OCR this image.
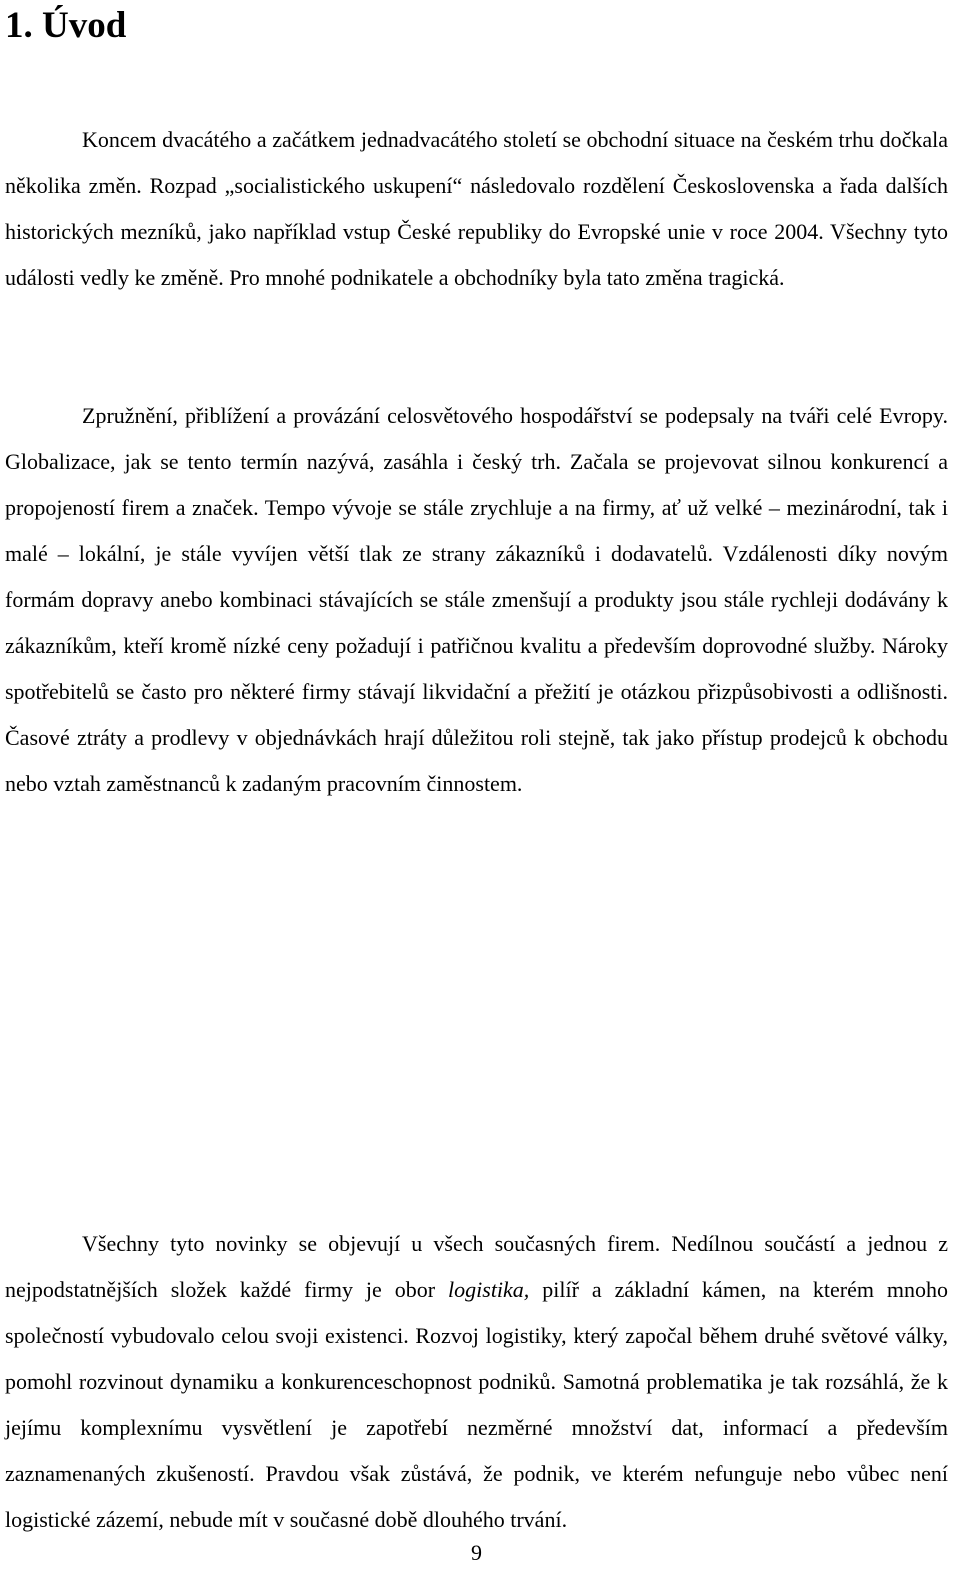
1. Úvod

Koncem dvacátého a začátkem jednadvacátého století se obchodní situace na českém trhu dočkala několika změn. Rozpad „socialistického uskupení“ následovalo rozdělení Československa a řada dalších historických mezníků, jako například vstup České republiky do Evropské unie v roce 2004. Všechny tyto události vedly ke změně. Pro mnohé podnikatele a obchodníky byla tato změna tragická.

Zpružnění, přiblížení a provázání celosvětového hospodářství se podepsaly na tváři celé Evropy. Globalizace, jak se tento termín nazývá, zasáhla i český trh. Začala se projevovat silnou konkurencí a propojeností firem a značek. Tempo vývoje se stále zrychluje a na firmy, ať už velké – mezinárodní, tak i malé – lokální, je stále vyvíjen větší tlak ze strany zákazníků i dodavatelů. Vzdálenosti díky novým formám dopravy anebo kombinaci stávajících se stále zmenšují a produkty jsou stále rychleji dodávány k zákazníkům, kteří kromě nízké ceny požadují i patřičnou kvalitu a především doprovodné služby. Nároky spotřebitelů se často pro některé firmy stávají likvidační a přežití je otázkou přizpůsobivosti a odlišnosti. Časové ztráty a prodlevy v objednávkách hrají důležitou roli stejně, tak jako přístup prodejců k obchodu nebo vztah zaměstnanců k zadaným pracovním činnostem.

Všechny tyto novinky se objevují u všech současných firem. Nedílnou součástí a jednou z nejpodstatnějších složek každé firmy je obor logistika, pilíř a základní kámen, na kterém mnoho společností vybudovalo celou svoji existenci. Rozvoj logistiky, který započal během druhé světové války, pomohl rozvinout dynamiku a konkurenceschopnost podniků. Samotná problematika je tak rozsáhlá, že k jejímu komplexnímu vysvětlení je zapotřebí nezměrné množství dat, informací a především zaznamenaných zkušeností. Pravdou však zůstává, že podnik, ve kterém nefunguje nebo vůbec není logistické zázemí, nebude mít v současné době dlouhého trvání.

9
